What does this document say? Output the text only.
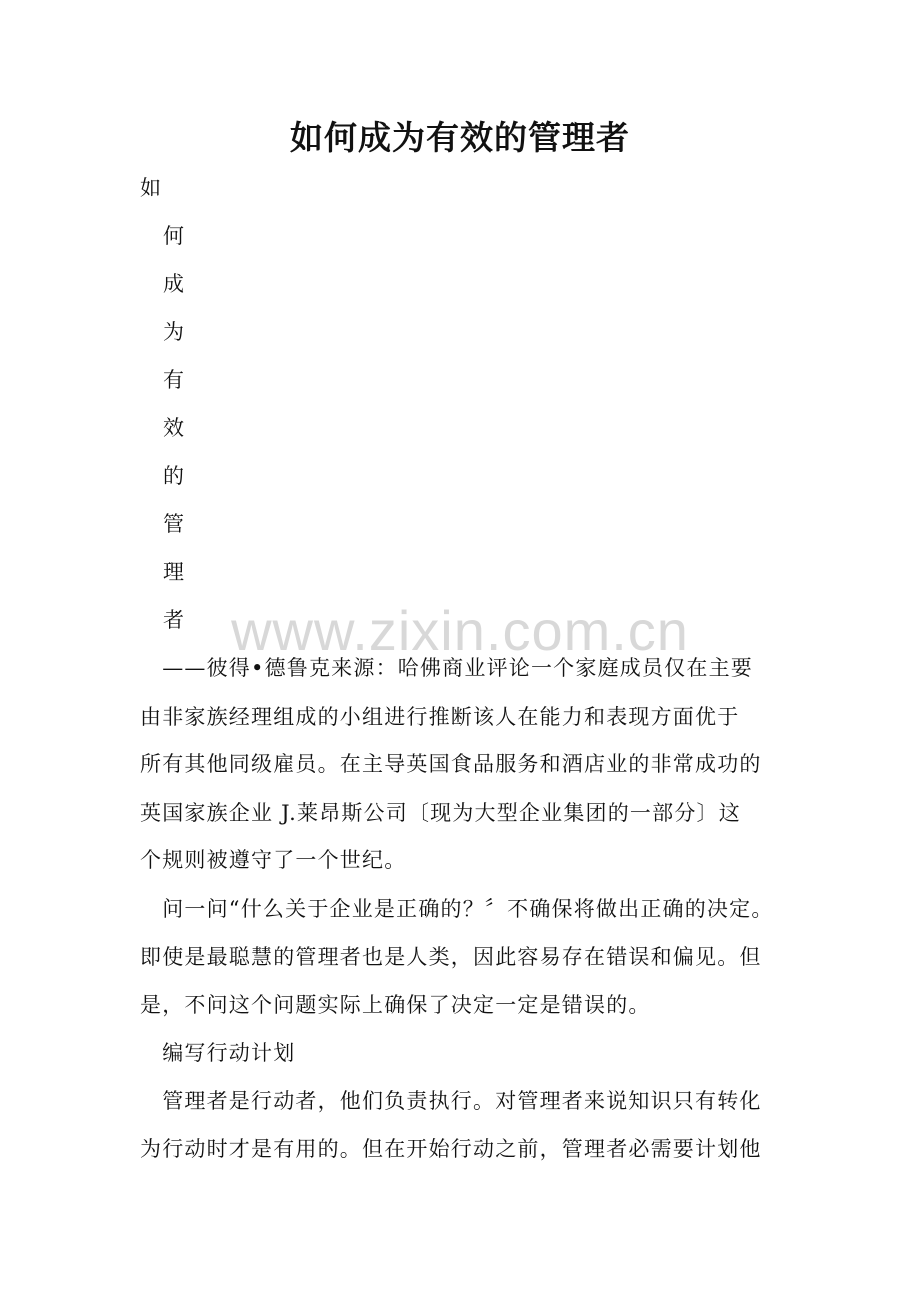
如何成为有效的管理者
如
何
成
为
有
效
的
管
理
者 www.zixin.com.cn
　——彼得•德鲁克来源：哈佛商业评论一个家庭成员仅在主要
由非家族经理组成的小组进行推断该人在能力和表现方面优于
所有其他同级雇员。在主导英国食品服务和酒店业的非常成功的
英国家族企业 J.莱昂斯公司〔现为大型企业集团的一部分〕这
个规则被遵守了一个世纪。
　问一问“什么关于企业是正确的？〞不确保将做出正确的决定。
即使是最聪慧的管理者也是人类，因此容易存在错误和偏见。但
是，不问这个问题实际上确保了决定一定是错误的。
　编写行动计划
　管理者是行动者，他们负责执行。对管理者来说知识只有转化
为行动时才是有用的。但在开始行动之前，管理者必需要计划他
